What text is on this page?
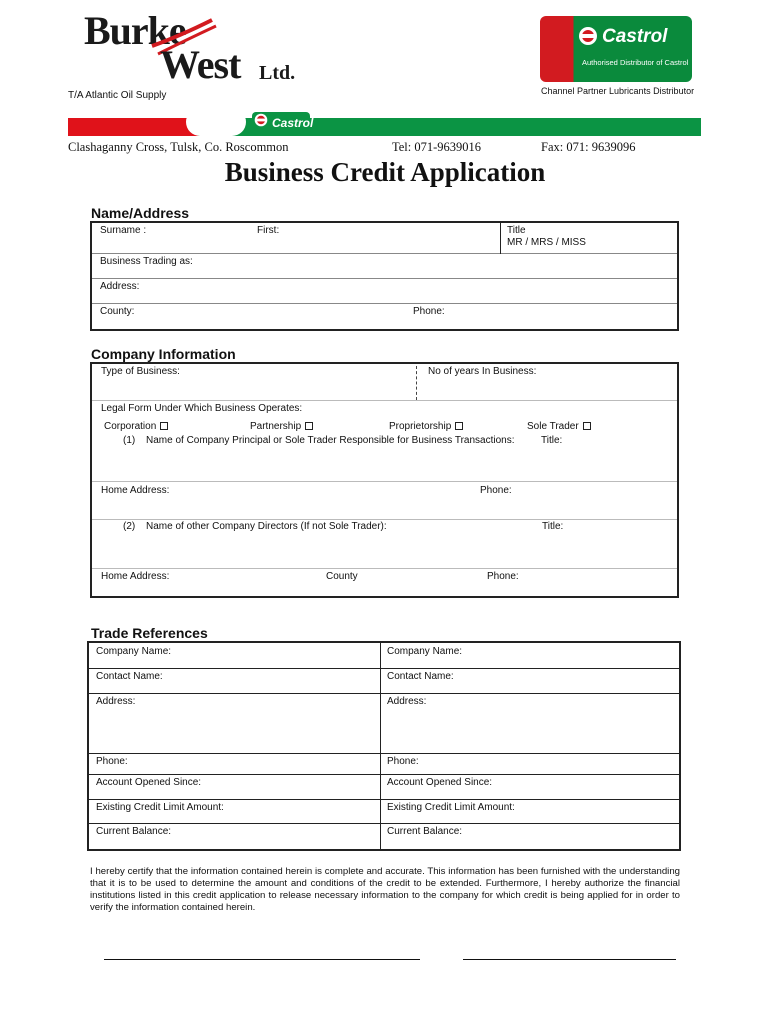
Burke
West Ltd.
T/A Atlantic Oil Supply
Castrol
Authorised Distributor of Castrol
Channel Partner Lubricants Distributor
Castrol
Clashaganny Cross, Tulsk, Co. Roscommon	Tel: 071-9639016	Fax: 071: 9639096
Business Credit Application
Name/Address
Surname :	First:	Title
MR / MRS / MISS
Business Trading as:
Address:
County:	Phone:
Company Information
Type of Business:	No of years In Business:
Legal Form Under Which Business Operates:
Corporation	Partnership	Proprietorship	Sole Trader
(1) Name of Company Principal or Sole Trader Responsible for Business Transactions:	Title:
Home Address:	Phone:
(2) Name of other Company Directors (If not Sole Trader):	Title:
Home Address:	County	Phone:
Trade References
Company Name:	Company Name:
Contact Name:	Contact Name:
Address:	Address:
Phone:	Phone:
Account Opened Since:	Account Opened Since:
Existing Credit Limit Amount:	Existing Credit Limit Amount:
Current Balance:	Current Balance:
I hereby certify that the information contained herein is complete and accurate. This information has been furnished with the understanding that it is to be used to determine the amount and conditions of the credit to be extended. Furthermore, I hereby authorize the financial institutions listed in this credit application to release necessary information to the company for which credit is being applied for in order to verify the information contained herein.
